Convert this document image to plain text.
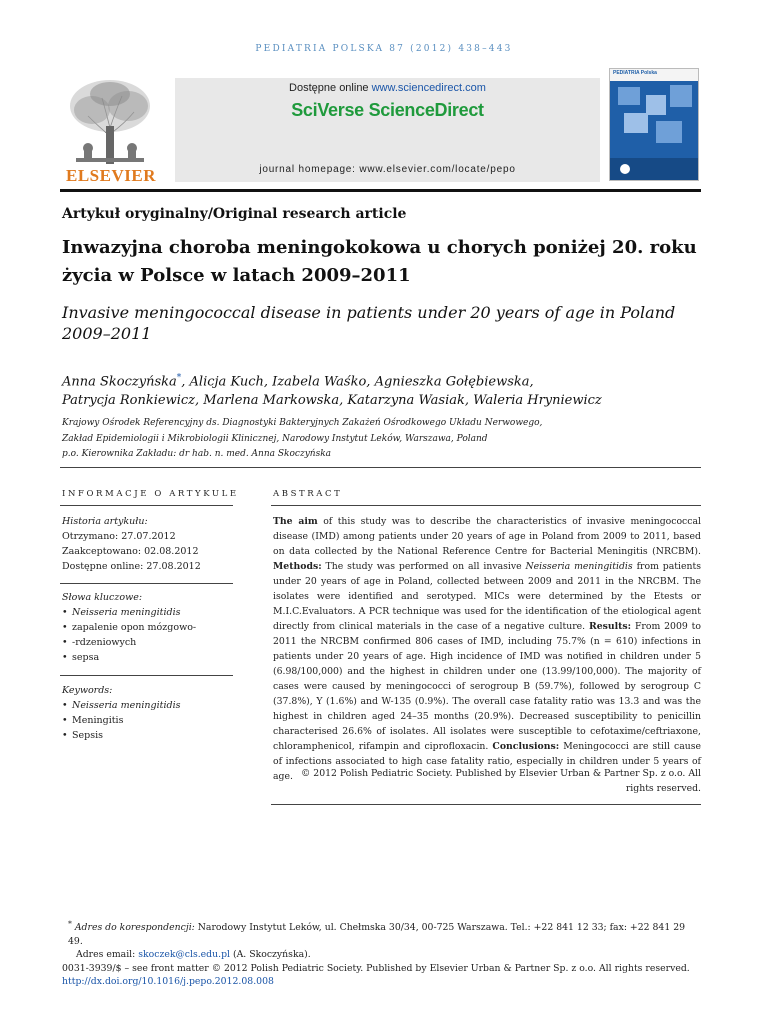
PEDIATRIA POLSKA 87 (2012) 438–443
ELSEVIER
Dostępne online www.sciencedirect.com
SciVerse ScienceDirect
journal homepage: www.elsevier.com/locate/pepo
PEDIATRIA Polska
Artykuł oryginalny/Original research article
Inwazyjna choroba meningokokowa u chorych poniżej 20. roku życia w Polsce w latach 2009–2011
Invasive meningococcal disease in patients under 20 years of age in Poland 2009–2011
Anna Skoczyńska*, Alicja Kuch, Izabela Waśko, Agnieszka Gołębiewska,
Patrycja Ronkiewicz, Marlena Markowska, Katarzyna Wasiak, Waleria Hryniewicz
Krajowy Ośrodek Referencyjny ds. Diagnostyki Bakteryjnych Zakażeń Ośrodkowego Układu Nerwowego,
Zakład Epidemiologii i Mikrobiologii Klinicznej, Narodowy Instytut Leków, Warszawa, Poland
p.o. Kierownika Zakładu: dr hab. n. med. Anna Skoczyńska
INFORMACJE O ARTYKULE
Historia artykułu:
Otrzymano: 27.07.2012
Zaakceptowano: 02.08.2012
Dostępne online: 27.08.2012
Słowa kluczowe:
• Neisseria meningitidis
• zapalenie opon mózgowo-
• -rdzeniowych
• sepsa
Keywords:
• Neisseria meningitidis
• Meningitis
• Sepsis
ABSTRACT
The aim of this study was to describe the characteristics of invasive meningococcal disease (IMD) among patients under 20 years of age in Poland from 2009 to 2011, based on data collected by the National Reference Centre for Bacterial Meningitis (NRCBM). Methods: The study was performed on all invasive Neisseria meningitidis from patients under 20 years of age in Poland, collected between 2009 and 2011 in the NRCBM. The isolates were identified and serotyped. MICs were determined by the Etests or M.I.C.Evaluators. A PCR technique was used for the identification of the etiological agent directly from clinical materials in the case of a negative culture. Results: From 2009 to 2011 the NRCBM confirmed 806 cases of IMD, including 75.7% (n = 610) infections in patients under 20 years of age. High incidence of IMD was notified in children under 5 (6.98/100,000) and the highest in children under one (13.99/100,000). The majority of cases were caused by meningococci of serogroup B (59.7%), followed by serogroup C (37.8%), Y (1.6%) and W-135 (0.9%). The overall case fatality ratio was 13.3 and was the highest in children aged 24–35 months (20.9%). Decreased susceptibility to penicillin characterised 26.6% of isolates. All isolates were susceptible to cefotaxime/ceftriaxone, chloramphenicol, rifampin and ciprofloxacin. Conclusions: Meningococci are still cause of infections associated to high case fatality ratio, especially in children under 5 years of age. © 2012 Polish Pediatric Society. Published by Elsevier Urban & Partner Sp. z o.o. All rights reserved.
* Adres do korespondencji: Narodowy Instytut Leków, ul. Chełmska 30/34, 00-725 Warszawa. Tel.: +22 841 12 33; fax: +22 841 29 49.
Adres email: skoczek@cls.edu.pl (A. Skoczyńska).
0031-3939/$ – see front matter © 2012 Polish Pediatric Society. Published by Elsevier Urban & Partner Sp. z o.o. All rights reserved.
http://dx.doi.org/10.1016/j.pepo.2012.08.008
